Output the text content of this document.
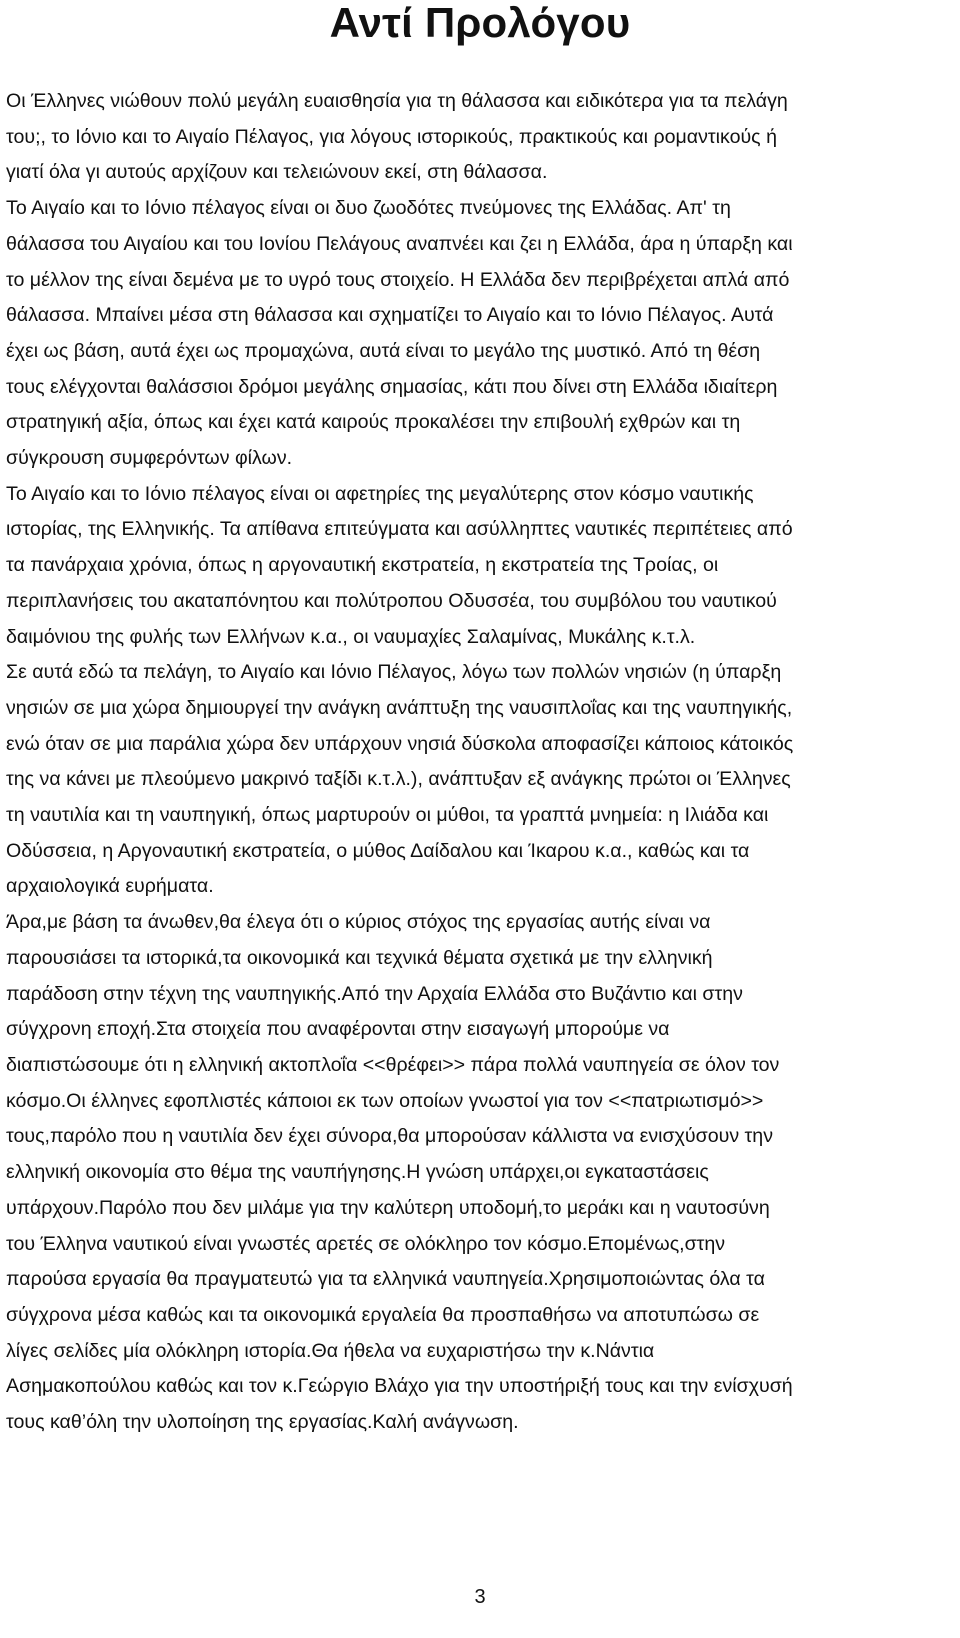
Αντί Προλόγου
Οι Έλληνες νιώθουν πολύ μεγάλη ευαισθησία για τη θάλασσα και ειδικότερα για τα πελάγη
του;, το Ιόνιο και το Αιγαίο Πέλαγος, για λόγους ιστορικούς, πρακτικούς και ρομαντικούς ή
γιατί όλα γι αυτούς αρχίζουν και τελειώνουν εκεί, στη θάλασσα.
Το Αιγαίο και το Ιόνιο πέλαγος είναι οι δυο ζωοδότες πνεύμονες της Ελλάδας. Απ' τη
θάλασσα του Αιγαίου και του Ιονίου Πελάγους αναπνέει και ζει η Ελλάδα, άρα η ύπαρξη και
το μέλλον της είναι δεμένα με το υγρό τους στοιχείο. Η Ελλάδα δεν περιβρέχεται απλά από
θάλασσα. Μπαίνει μέσα στη θάλασσα και σχηματίζει το Αιγαίο και το Ιόνιο Πέλαγος. Αυτά
έχει ως βάση, αυτά έχει ως προμαχώνα, αυτά είναι το μεγάλο της μυστικό. Από τη θέση
τους ελέγχονται θαλάσσιοι δρόμοι μεγάλης σημασίας, κάτι που δίνει στη Ελλάδα ιδιαίτερη
στρατηγική αξία, όπως και έχει κατά καιρούς προκαλέσει την επιβουλή εχθρών και τη
σύγκρουση συμφερόντων φίλων.
Το Αιγαίο και το Ιόνιο πέλαγος είναι οι αφετηρίες της μεγαλύτερης στον κόσμο ναυτικής
ιστορίας, της Ελληνικής. Τα απίθανα επιτεύγματα και ασύλληπτες ναυτικές περιπέτειες από
τα πανάρχαια χρόνια, όπως η αργοναυτική εκστρατεία, η εκστρατεία της Τροίας, οι
περιπλανήσεις του ακαταπόνητου και πολύτροπου Οδυσσέα, του συμβόλου του ναυτικού
δαιμόνιου της φυλής των Ελλήνων κ.α., οι ναυμαχίες Σαλαμίνας, Μυκάλης κ.τ.λ.
Σε αυτά εδώ τα πελάγη, το Αιγαίο και Ιόνιο Πέλαγος, λόγω των πολλών νησιών (η ύπαρξη
νησιών σε μια χώρα δημιουργεί την ανάγκη ανάπτυξη της ναυσιπλοΐας και της ναυπηγικής,
ενώ όταν σε μια παράλια χώρα δεν υπάρχουν νησιά δύσκολα αποφασίζει κάποιος κάτοικός
της να κάνει με πλεούμενο μακρινό ταξίδι κ.τ.λ.), ανάπτυξαν εξ ανάγκης πρώτοι οι Έλληνες
τη ναυτιλία και τη ναυπηγική, όπως μαρτυρούν οι μύθοι, τα γραπτά μνημεία: η Ιλιάδα και
Οδύσσεια, η Αργοναυτική εκστρατεία, ο μύθος Δαίδαλου και Ίκαρου κ.α., καθώς και τα
αρχαιολογικά ευρήματα.
Άρα,με βάση τα άνωθεν,θα έλεγα ότι ο κύριος στόχος της εργασίας αυτής είναι να
παρουσιάσει τα ιστορικά,τα οικονομικά και τεχνικά θέματα σχετικά με την ελληνική
παράδοση στην τέχνη της ναυπηγικής.Από την Αρχαία Ελλάδα στο Βυζάντιο και στην
σύγχρονη εποχή.Στα στοιχεία που αναφέρονται στην εισαγωγή μπορούμε να
διαπιστώσουμε ότι η ελληνική ακτοπλοΐα <<θρέφει>> πάρα πολλά ναυπηγεία σε όλον τον
κόσμο.Οι έλληνες εφοπλιστές κάποιοι εκ των οποίων γνωστοί για τον <<πατριωτισμό>>
τους,παρόλο που η ναυτιλία δεν έχει σύνορα,θα μπορούσαν κάλλιστα να ενισχύσουν την
ελληνική οικονομία στο θέμα της ναυπήγησης.Η γνώση υπάρχει,οι εγκαταστάσεις
υπάρχουν.Παρόλο που δεν μιλάμε για την καλύτερη υποδομή,το μεράκι και η ναυτοσύνη
του Έλληνα ναυτικού είναι γνωστές αρετές σε ολόκληρο τον κόσμο.Επομένως,στην
παρούσα εργασία θα πραγματευτώ για τα ελληνικά ναυπηγεία.Χρησιμοποιώντας όλα τα
σύγχρονα μέσα καθώς και τα οικονομικά εργαλεία θα προσπαθήσω να αποτυπώσω σε
λίγες σελίδες μία ολόκληρη ιστορία.Θα ήθελα να ευχαριστήσω την κ.Νάντια
Ασημακοπούλου καθώς και τον κ.Γεώργιο Βλάχο για την υποστήριξή τους και την ενίσχυσή
τους καθ’όλη την υλοποίηση της εργασίας.Καλή ανάγνωση.
3
